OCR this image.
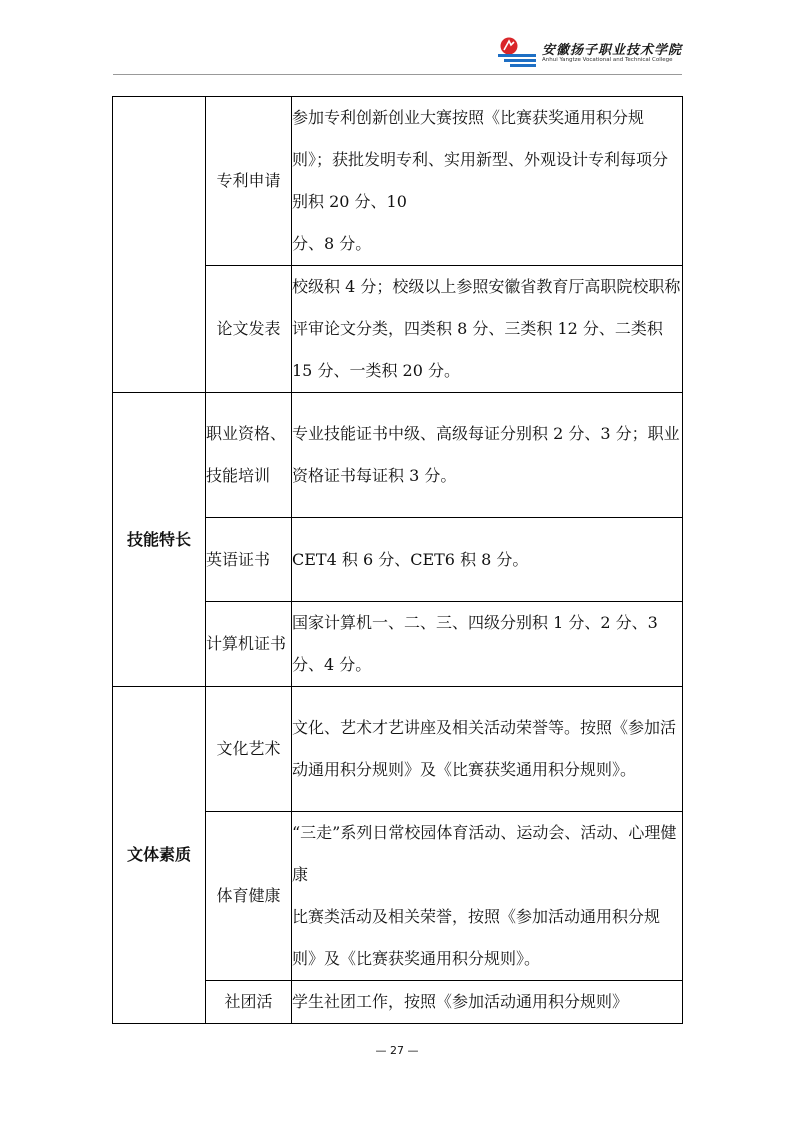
安徽扬子职业技术学院
Anhui Yangtze Vocational and Technical College
	专利申请	参加专利创新创业大赛按照《比赛获奖通用积分规则》；获批发明专利、实用新型、外观设计专利每项分别积 20 分、10
分、8 分。

	论文发表	校级积 4 分；校级以上参照安徽省教育厅高职院校职称评审论文分类，四类积 8 分、三类积 12 分、二类积 15 分、一类积 20 分。

技能特长	职业资格、技能培训	专业技能证书中级、高级每证分别积 2 分、3 分；职业资格证书每证积 3 分。

	英语证书	CET4 积 6 分、CET6 积 8 分。

	计算机证书	国家计算机一、二、三、四级分别积 1 分、2 分、3 分、4 分。

文体素质	文化艺术	文化、艺术才艺讲座及相关活动荣誉等。按照《参加活动通用积分规则》及《比赛获奖通用积分规则》。

	体育健康	“三走”系列日常校园体育活动、运动会、活动、心理健康
比赛类活动及相关荣誉，按照《参加活动通用积分规则》及《比赛获奖通用积分规则》。

	社团活	学生社团工作，按照《参加活动通用积分规则》
— 27 —
